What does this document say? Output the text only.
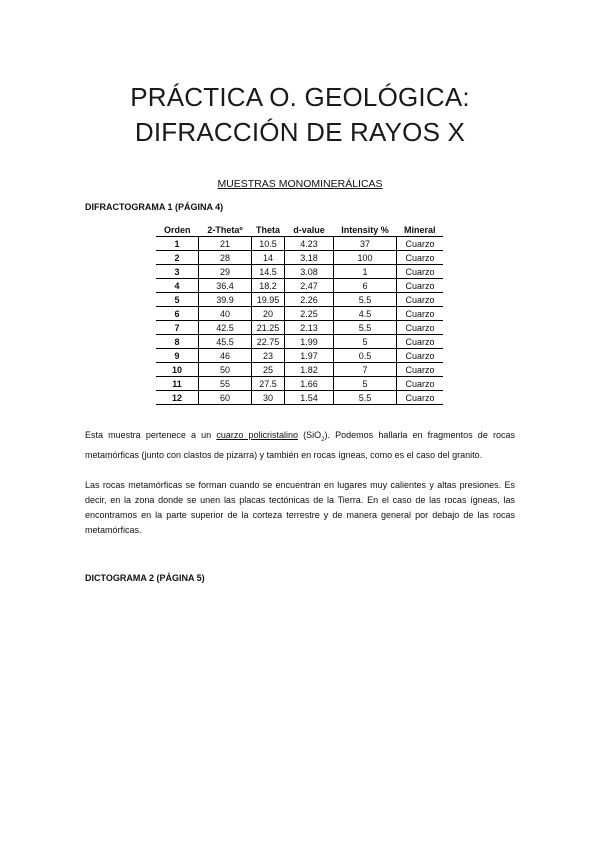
PRÁCTICA O. GEOLÓGICA:
DIFRACCIÓN DE RAYOS X
MUESTRAS MONOMINERÁLICAS
DIFRACTOGRAMA 1 (PÁGINA 4)
Orden	2-Thetaº	Theta	d-value	Intensity %	Mineral
1	21	10.5	4.23	37	Cuarzo
2	28	14	3.18	100	Cuarzo
3	29	14.5	3.08	1	Cuarzo
4	36.4	18.2	2.47	6	Cuarzo
5	39.9	19.95	2.26	5.5	Cuarzo
6	40	20	2.25	4.5	Cuarzo
7	42.5	21.25	2.13	5.5	Cuarzo
8	45.5	22.75	1.99	5	Cuarzo
9	46	23	1.97	0.5	Cuarzo
10	50	25	1.82	7	Cuarzo
11	55	27.5	1.66	5	Cuarzo
12	60	30	1.54	5.5	Cuarzo
Esta muestra pertenece a un cuarzo policristalino (SiO$_2$). Podemos hallarla en fragmentos de rocas metamórficas (junto con clastos de pizarra) y también en rocas ígneas, como es el caso del granito.
Las rocas metamórficas se forman cuando se encuentran en lugares muy calientes y altas presiones. Es decir, en la zona donde se unen las placas tectónicas de la Tierra. En el caso de las rocas ígneas, las encontramos en la parte superior de la corteza terrestre y de manera general por debajo de las rocas metamórficas.
DICTOGRAMA 2 (PÁGINA 5)
